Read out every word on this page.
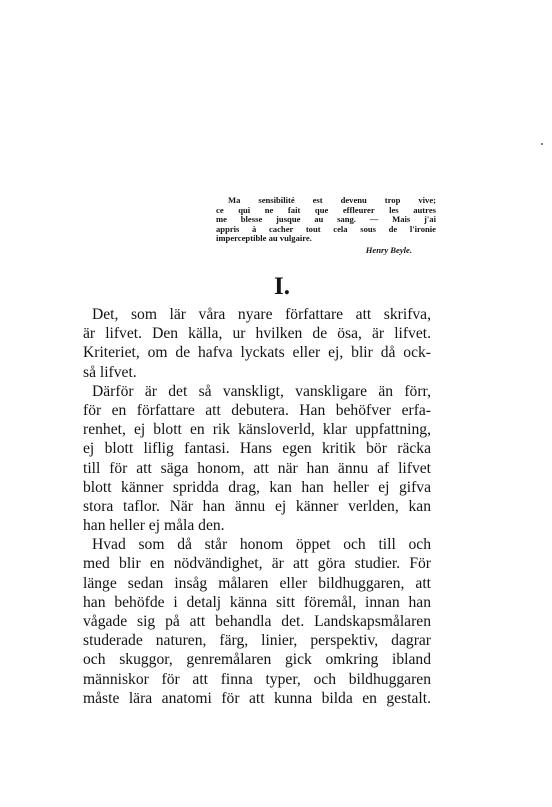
Ma sensibilité est devenu trop vive;
ce qui ne fait que effleurer les autres
me blesse jusque au sang. — Mais j'ai
appris à cacher tout cela sous de l'ironie
imperceptible au vulgaire.
Henry Beyle.
I.
Det, som lär våra nyare författare att skrifva,
är lifvet. Den källa, ur hvilken de ösa, är lifvet.
Kriteriet, om de hafva lyckats eller ej, blir då ock-
så lifvet.
Därför är det så vanskligt, vanskligare än förr,
för en författare att debutera. Han behöfver erfa-
renhet, ej blott en rik känsloverld, klar uppfattning,
ej blott liflig fantasi. Hans egen kritik bör räcka
till för att säga honom, att när han ännu af lifvet
blott känner spridda drag, kan han heller ej gifva
stora taflor. När han ännu ej känner verlden, kan
han heller ej måla den.
Hvad som då står honom öppet och till och
med blir en nödvändighet, är att göra studier. För
länge sedan insåg målaren eller bildhuggaren, att
han behöfde i detalj känna sitt föremål, innan han
vågade sig på att behandla det. Landskapsmålaren
studerade naturen, färg, linier, perspektiv, dagrar
och skuggor, genremålaren gick omkring ibland
människor för att finna typer, och bildhuggaren
måste lära anatomi för att kunna bilda en gestalt.
